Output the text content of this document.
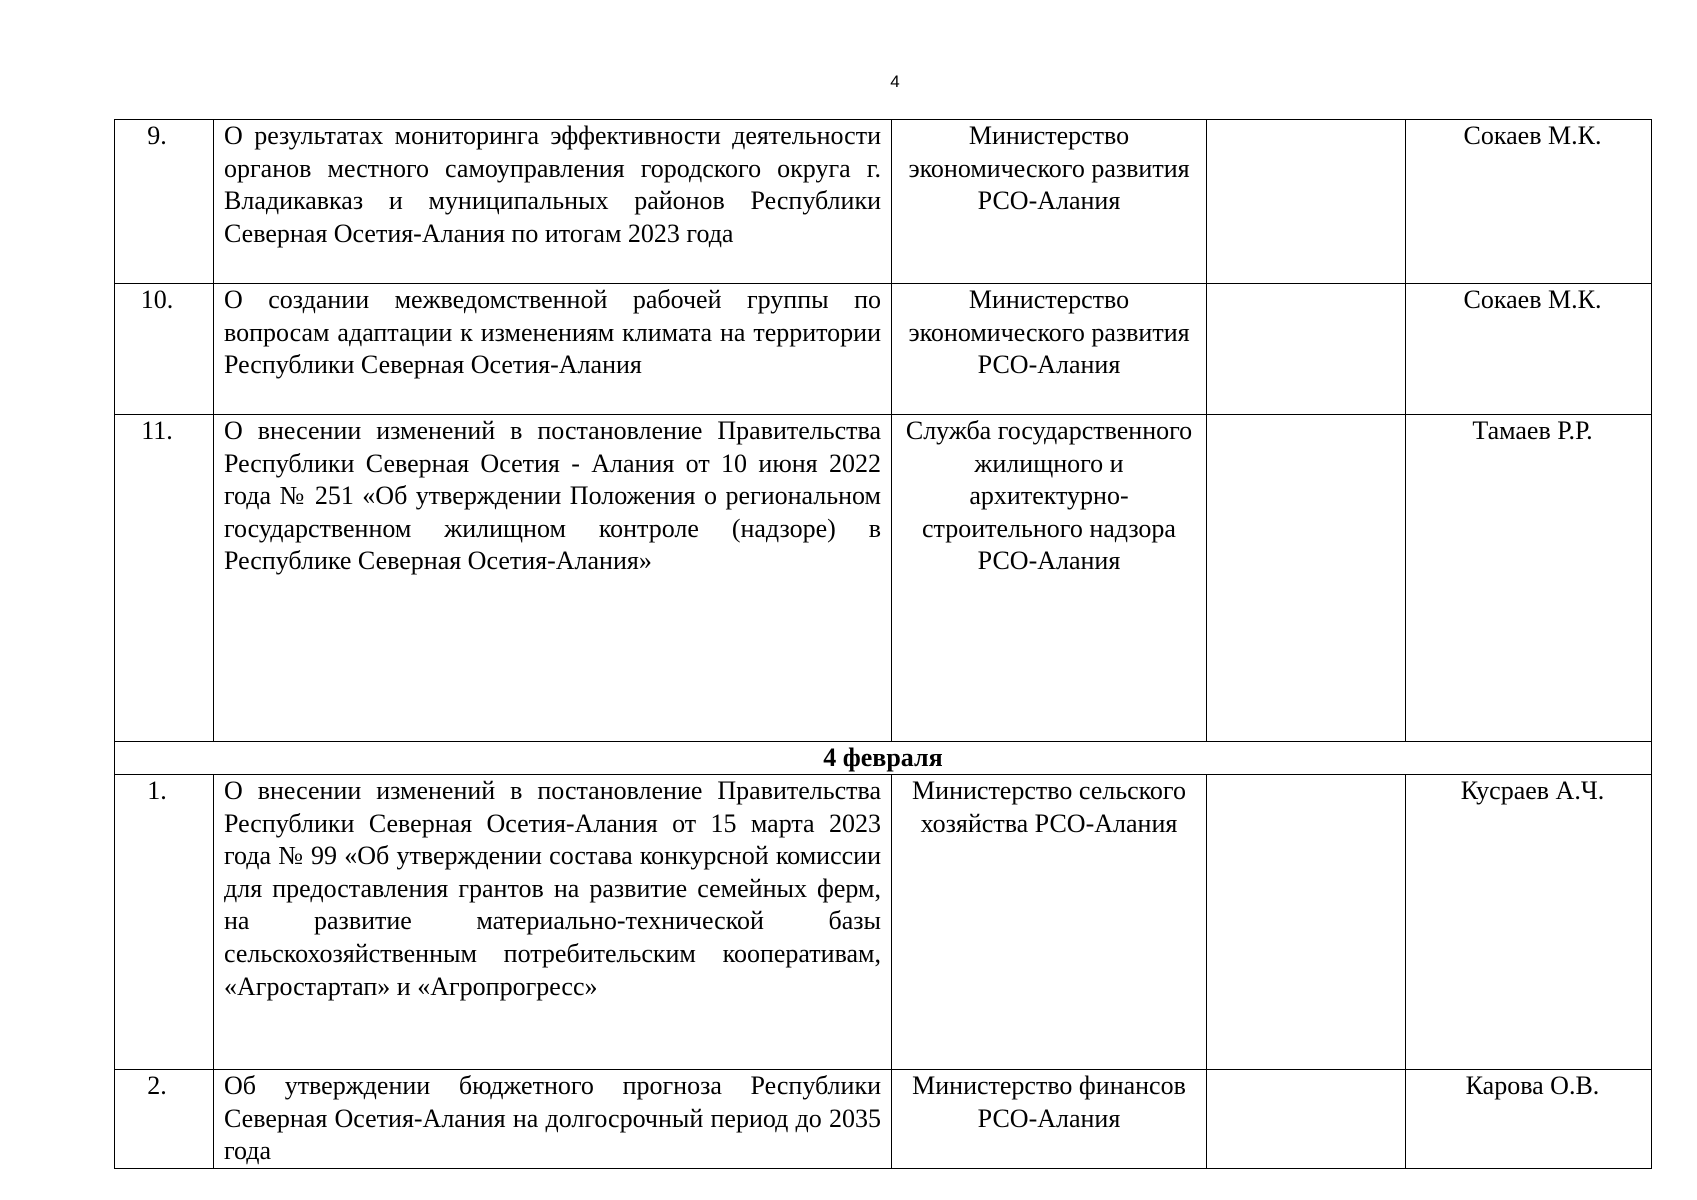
4
9.	О результатах мониторинга эффективности деятельности органов местного самоуправления городского округа г. Владикавказ и муниципальных районов Республики Северная Осетия-Алания по итогам 2023 года	Министерство экономического развития РСО-Алания		Сокаев М.К.
10.	О создании межведомственной рабочей группы по вопросам адаптации к изменениям климата на территории Республики Северная Осетия-Алания	Министерство экономического развития РСО-Алания		Сокаев М.К.
11.	О внесении изменений в постановление Правительства Республики Северная Осетия - Алания от 10 июня 2022 года № 251 «Об утверждении Положения о региональном государственном жилищном контроле (надзоре) в Республике Северная Осетия-Алания»	Служба государственного жилищного и архитектурно-строительного надзора РСО-Алания		Тамаев Р.Р.
4 февраля				
1.	О внесении изменений в постановление Правительства Республики Северная Осетия-Алания от 15 марта 2023 года № 99 «Об утверждении состава конкурсной комиссии для предоставления грантов на развитие семейных ферм, на развитие материально-технической базы сельскохозяйственным потребительским кооперативам, «Агростартап» и «Агропрогресс»	Министерство сельского хозяйства РСО-Алания		Кусраев А.Ч.
2.	Об утверждении бюджетного прогноза Республики Северная Осетия-Алания на долгосрочный период до 2035 года	Министерство финансов РСО-Алания		Карова О.В.
